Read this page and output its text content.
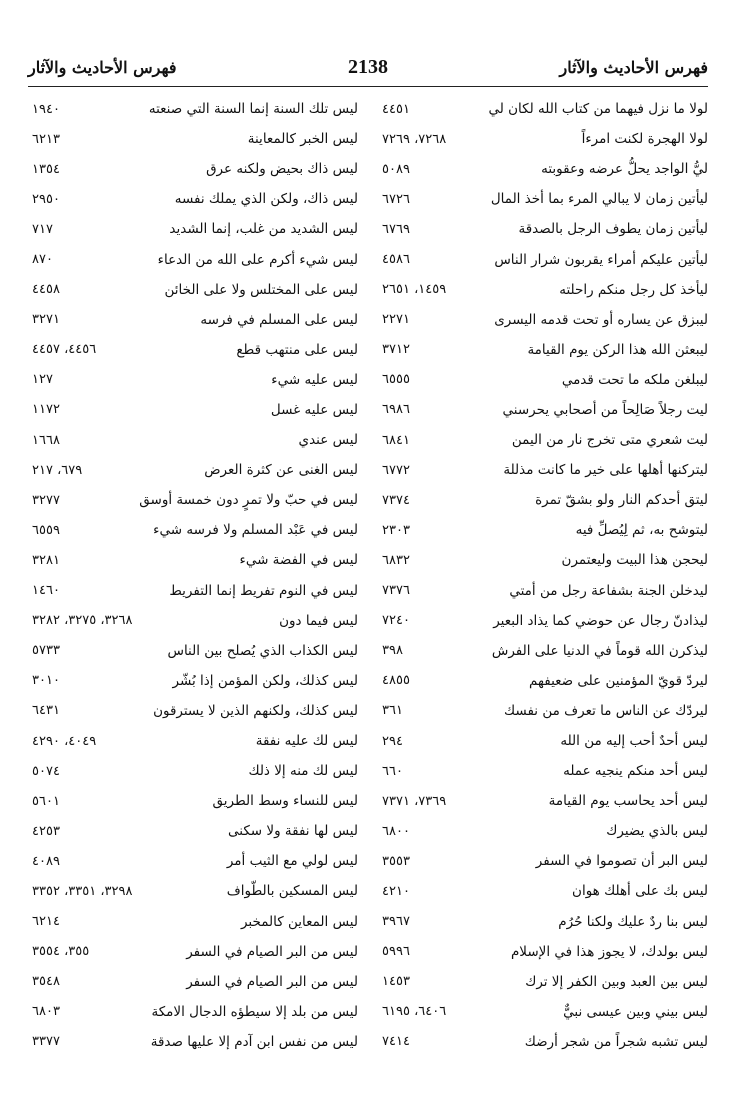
فهرس الأحاديث والآثار	2138	فهرس الأحاديث والآثار
لولا ما نزل فيهما من كتاب الله لكان لي
٤٤٥١
لولا الهجرة لكنت امرءاً
٧٢٦٨، ٧٢٦٩
ليُّ الواجد يحلُّ عرضه وعقوبته
٥٠٨٩
ليأتين زمان لا يبالي المرء بما أخذ المال
٦٧٢٦
ليأتين زمان يطوف الرجل بالصدقة
٦٧٦٩
ليأتين عليكم أمراء يقربون شرار الناس
٤٥٨٦
ليأخذ كل رجل منكم راحلته
١٤٥٩، ٢٦٥١
ليبزق عن يساره أو تحت قدمه اليسرى
٢٢٧١
ليبعثن الله هذا الركن يوم القيامة
٣٧١٢
ليبلغن ملكه ما تحت قدمي
٦٥٥٥
ليت رجلاً صَالِحاً من أصحابي يحرسني
٦٩٨٦
ليت شعري متى تخرج نار من اليمن
٦٨٤١
ليتركنها أهلها على خير ما كانت مذللة
٦٧٧٢
ليتق أحدكم النار ولو بشقّ تمرة
٧٣٧٤
ليتوشح به، ثم لِيُصلِّ فيه
٢٣٠٣
ليحجن هذا البيت وليعتمرن
٦٨٣٢
ليدخلن الجنة بشفاعة رجل من أمتي
٧٣٧٦
ليذادنّ رجال عن حوضي كما يذاد البعير
٧٢٤٠
ليذكرن الله قوماً في الدنيا على الفرش
٣٩٨
ليردّ قويّ المؤمنين على ضعيفهم
٤٨٥٥
ليردّك عن الناس ما تعرف من نفسك
٣٦١
ليس أحدٌ أحب إليه من الله
٢٩٤
ليس أحد منكم ينجيه عمله
٦٦٠
ليس أحد يحاسب يوم القيامة
٧٣٦٩، ٧٣٧١
ليس بالذي يضيرك
٦٨٠٠
ليس البر أن تصوموا في السفر
٣٥٥٣
ليس بك على أهلك هوان
٤٢١٠
ليس بنا ردٌ عليك ولكنا حُرُم
٣٩٦٧
ليس بولدك، لا يجوز هذا في الإسلام
٥٩٩٦
ليس بين العبد وبين الكفر إلا ترك
١٤٥٣
ليس بيني وبين عيسى نبيٌّ
٦٤٠٦، ٦١٩٥
ليس تشبه شجراً من شجر أرضك
٧٤١٤
ليس تلك السنة إنما السنة التي صنعته
١٩٤٠
ليس الخبر كالمعاينة
٦٢١٣
ليس ذاك بحيض ولكنه عرق
١٣٥٤
ليس ذاك، ولكن الذي يملك نفسه
٢٩٥٠
ليس الشديد من غلب، إنما الشديد
٧١٧
ليس شيء أكرم على الله من الدعاء
٨٧٠
ليس على المختلس ولا على الخائن
٤٤٥٨
ليس على المسلم في فرسه
٣٢٧١
ليس على منتهب قطع
٤٤٥٦، ٤٤٥٧
ليس عليه شيء
١٢٧
ليس عليه غسل
١١٧٢
ليس عندي
١٦٦٨
ليس الغنى عن كثرة العرض
٦٧٩، ٢١٧
ليس في حبّ ولا تمرٍ دون خمسة أوسق
٣٢٧٧
ليس في عَبْد المسلم ولا فرسه شيء
٦٥٥٩
ليس في الفضة شيء
٣٢٨١
ليس في النوم تفريط إنما التفريط
١٤٦٠
ليس فيما دون
٣٢٦٨، ٣٢٧٥، ٣٢٨٢
ليس الكذاب الذي يُصلح بين الناس
٥٧٣٣
ليس كذلك، ولكن المؤمن إذا بُشّر
٣٠١٠
ليس كذلك، ولكنهم الذين لا يسترقون
٦٤٣١
ليس لك عليه نفقة
٤٠٤٩، ٤٢٩٠
ليس لك منه إلا ذلك
٥٠٧٤
ليس للنساء وسط الطريق
٥٦٠١
ليس لها نفقة ولا سكنى
٤٢٥٣
ليس لولي مع الثيب أمر
٤٠٨٩
ليس المسكين بالطّواف
٣٢٩٨، ٣٣٥١، ٣٣٥٢
ليس المعاين كالمخبر
٦٢١٤
ليس من البر الصيام في السفر
٣٥٥، ٣٥٥٤
ليس من البر الصيام في السفر
٣٥٤٨
ليس من بلد إلا سيطؤه الدجال الامكة
٦٨٠٣
ليس من نفس ابن آدم إلا عليها صدقة
٣٣٧٧
